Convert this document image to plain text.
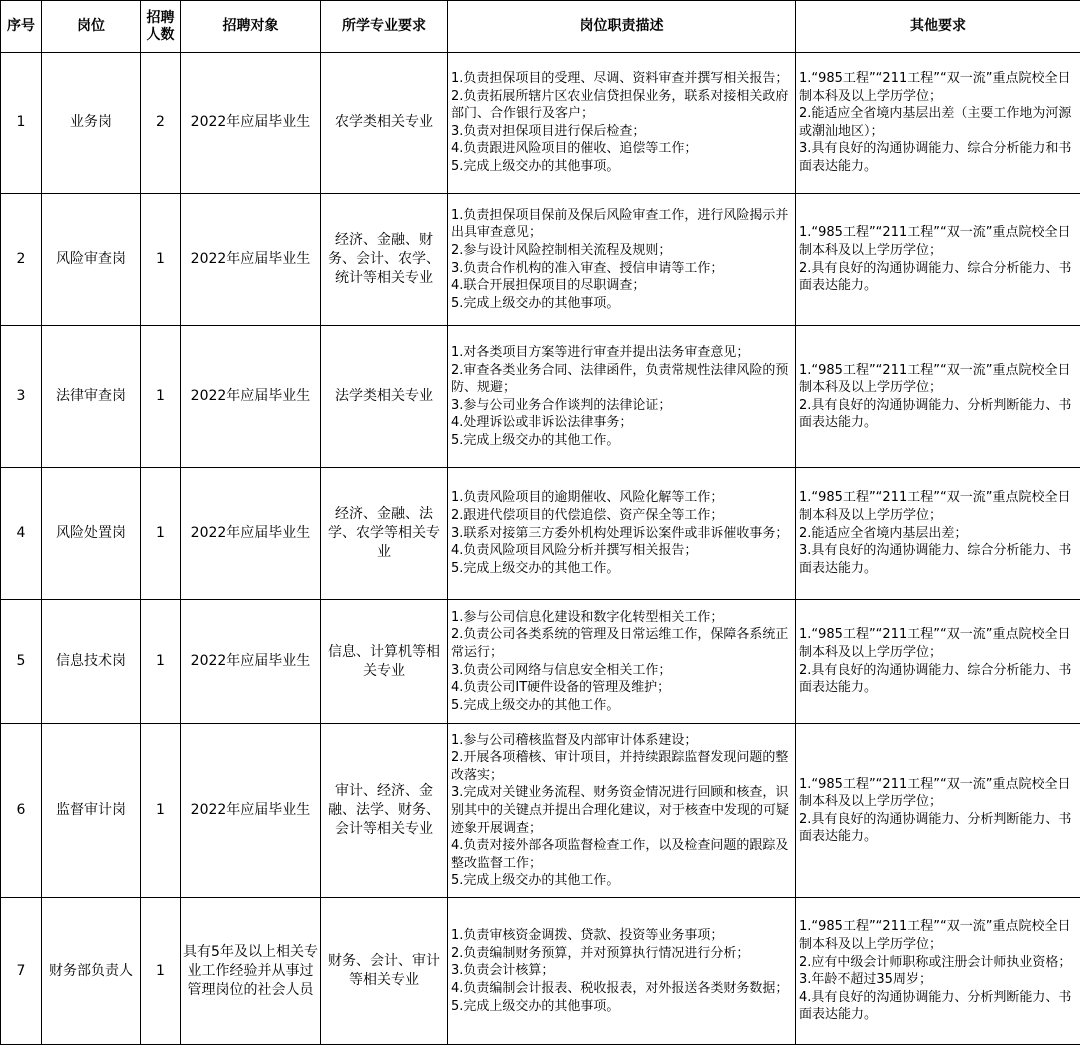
序号	岗位	招聘人数	招聘对象	所学专业要求	岗位职责描述	其他要求
1	业务岗	2	2022年应届毕业生	农学类相关专业	1.负责担保项目的受理、尽调、资料审查并撰写相关报告；
2.负责拓展所辖片区农业信贷担保业务，联系对接相关政府部门、合作银行及客户；
3.负责对担保项目进行保后检查；
4.负责跟进风险项目的催收、追偿等工作；
5.完成上级交办的其他事项。	1.“985工程”“211工程”“双一流”重点院校全日制本科及以上学历学位；
2.能适应全省境内基层出差（主要工作地为河源或潮汕地区）；
3.具有良好的沟通协调能力、综合分析能力和书面表达能力。

2	风险审查岗	1	2022年应届毕业生	经济、金融、财务、会计、农学、统计等相关专业	1.负责担保项目保前及保后风险审查工作，进行风险揭示并出具审查意见；
2.参与设计风险控制相关流程及规则；
3.负责合作机构的准入审查、授信申请等工作；
4.联合开展担保项目的尽职调查；
5.完成上级交办的其他事项。	1.“985工程”“211工程”“双一流”重点院校全日制本科及以上学历学位；
2.具有良好的沟通协调能力、综合分析能力、书面表达能力。

3	法律审查岗	1	2022年应届毕业生	法学类相关专业	1.对各类项目方案等进行审查并提出法务审查意见；
2.审查各类业务合同、法律函件，负责常规性法律风险的预防、规避；
3.参与公司业务合作谈判的法律论证；
4.处理诉讼或非诉讼法律事务；
5.完成上级交办的其他工作。	1.“985工程”“211工程”“双一流”重点院校全日制本科及以上学历学位；
2.具有良好的沟通协调能力、分析判断能力、书面表达能力。

4	风险处置岗	1	2022年应届毕业生	经济、金融、法学、农学等相关专业	1.负责风险项目的逾期催收、风险化解等工作；
2.跟进代偿项目的代偿追偿、资产保全等工作；
3.联系对接第三方委外机构处理诉讼案件或非诉催收事务；
4.负责风险项目风险分析并撰写相关报告；
5.完成上级交办的其他工作。	1.“985工程”“211工程”“双一流”重点院校全日制本科及以上学历学位；
2.能适应全省境内基层出差；
3.具有良好的沟通协调能力、综合分析能力、书面表达能力。

5	信息技术岗	1	2022年应届毕业生	信息、计算机等相关专业	1.参与公司信息化建设和数字化转型相关工作；
2.负责公司各类系统的管理及日常运维工作，保障各系统正常运行；
3.负责公司网络与信息安全相关工作；
4.负责公司IT硬件设备的管理及维护；
5.完成上级交办的其他工作。	1.“985工程”“211工程”“双一流”重点院校全日制本科及以上学历学位；
2.具有良好的沟通协调能力、综合分析能力、书面表达能力。

6	监督审计岗	1	2022年应届毕业生	审计、经济、金融、法学、财务、会计等相关专业	1.参与公司稽核监督及内部审计体系建设；
2.开展各项稽核、审计项目，并持续跟踪监督发现问题的整改落实；
3.完成对关键业务流程、财务资金情况进行回顾和核查，识别其中的关键点并提出合理化建议，对于核查中发现的可疑迹象开展调查；
4.负责对接外部各项监督检查工作，以及检查问题的跟踪及整改监督工作；
5.完成上级交办的其他工作。	1.“985工程”“211工程”“双一流”重点院校全日制本科及以上学历学位；
2.具有良好的沟通协调能力、分析判断能力、书面表达能力。

7	财务部负责人	1	具有5年及以上相关专业工作经验并从事过管理岗位的社会人员	财务、会计、审计等相关专业	1.负责审核资金调拨、贷款、投资等业务事项；
2.负责编制财务预算，并对预算执行情况进行分析；
3.负责会计核算；
4.负责编制会计报表、税收报表，对外报送各类财务数据；
5.完成上级交办的其他事项。	1.“985工程”“211工程”“双一流”重点院校全日制本科及以上学历学位；
2.应有中级会计师职称或注册会计师执业资格；
3.年龄不超过35周岁；
4.具有良好的沟通协调能力、分析判断能力、书面表达能力。
